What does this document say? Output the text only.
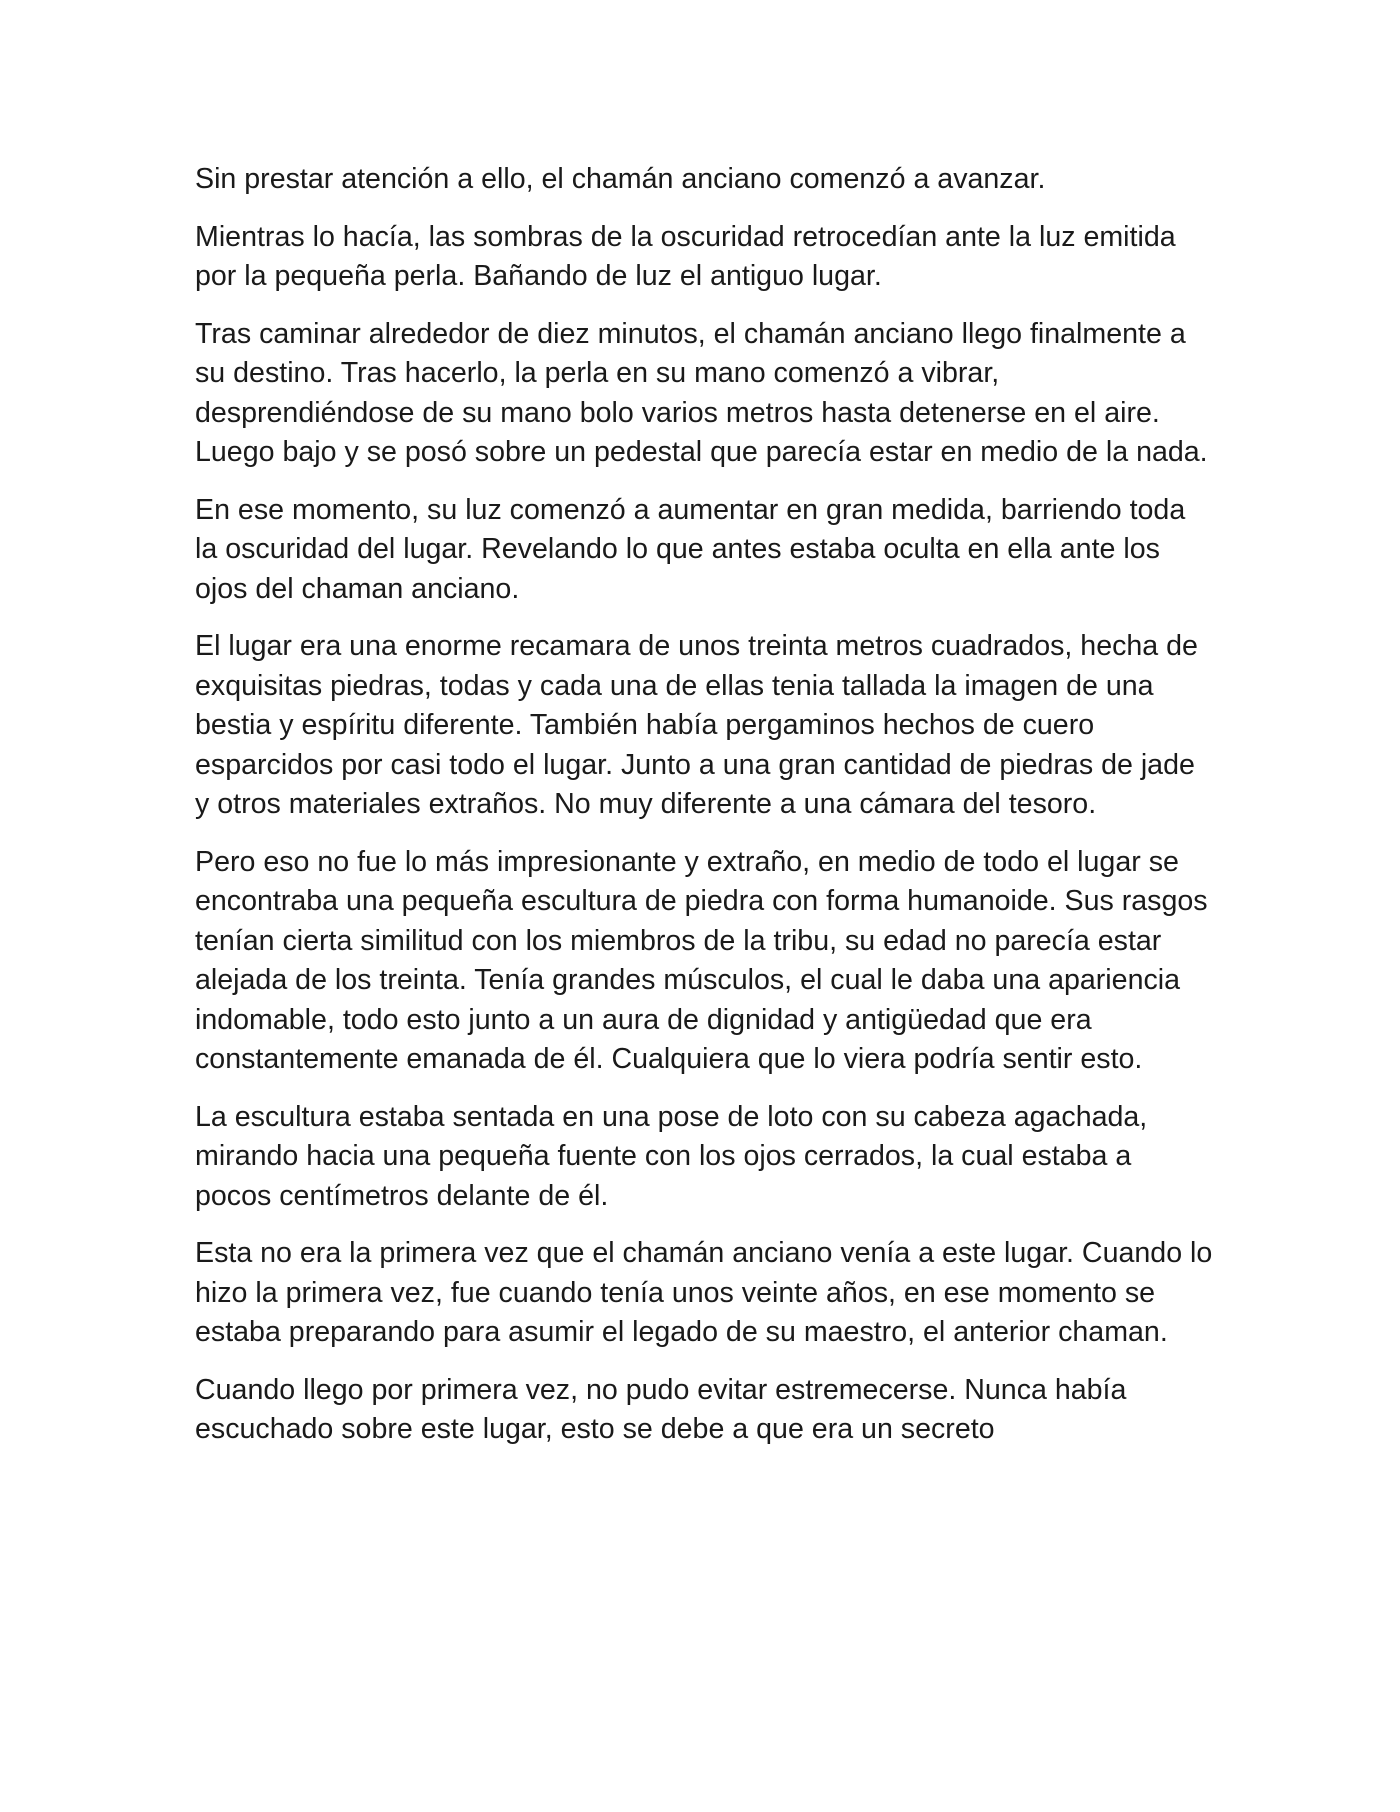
Sin prestar atención a ello, el chamán anciano comenzó a avanzar.

Mientras lo hacía, las sombras de la oscuridad retrocedían ante la luz emitida por la pequeña perla. Bañando de luz el antiguo lugar.

Tras caminar alrededor de diez minutos, el chamán anciano llego finalmente a su destino. Tras hacerlo, la perla en su mano comenzó a vibrar, desprendiéndose de su mano bolo varios metros hasta detenerse en el aire. Luego bajo y se posó sobre un pedestal que parecía estar en medio de la nada.

En ese momento, su luz comenzó a aumentar en gran medida, barriendo toda la oscuridad del lugar. Revelando lo que antes estaba oculta en ella ante los ojos del chaman anciano.

El lugar era una enorme recamara de unos treinta metros cuadrados, hecha de exquisitas piedras, todas y cada una de ellas tenia tallada la imagen de una bestia y espíritu diferente. También había pergaminos hechos de cuero esparcidos por casi todo el lugar. Junto a una gran cantidad de piedras de jade y otros materiales extraños. No muy diferente a una cámara del tesoro.

Pero eso no fue lo más impresionante y extraño, en medio de todo el lugar se encontraba una pequeña escultura de piedra con forma humanoide. Sus rasgos tenían cierta similitud con los miembros de la tribu, su edad no parecía estar alejada de los treinta. Tenía grandes músculos, el cual le daba una apariencia indomable, todo esto junto a un aura de dignidad y antigüedad que era constantemente emanada de él. Cualquiera que lo viera podría sentir esto.

La escultura estaba sentada en una pose de loto con su cabeza agachada, mirando hacia una pequeña fuente con los ojos cerrados, la cual estaba a pocos centímetros delante de él.

Esta no era la primera vez que el chamán anciano venía a este lugar. Cuando lo hizo la primera vez, fue cuando tenía unos veinte años, en ese momento se estaba preparando para asumir el legado de su maestro, el anterior chaman.

Cuando llego por primera vez, no pudo evitar estremecerse. Nunca había escuchado sobre este lugar, esto se debe a que era un secreto
